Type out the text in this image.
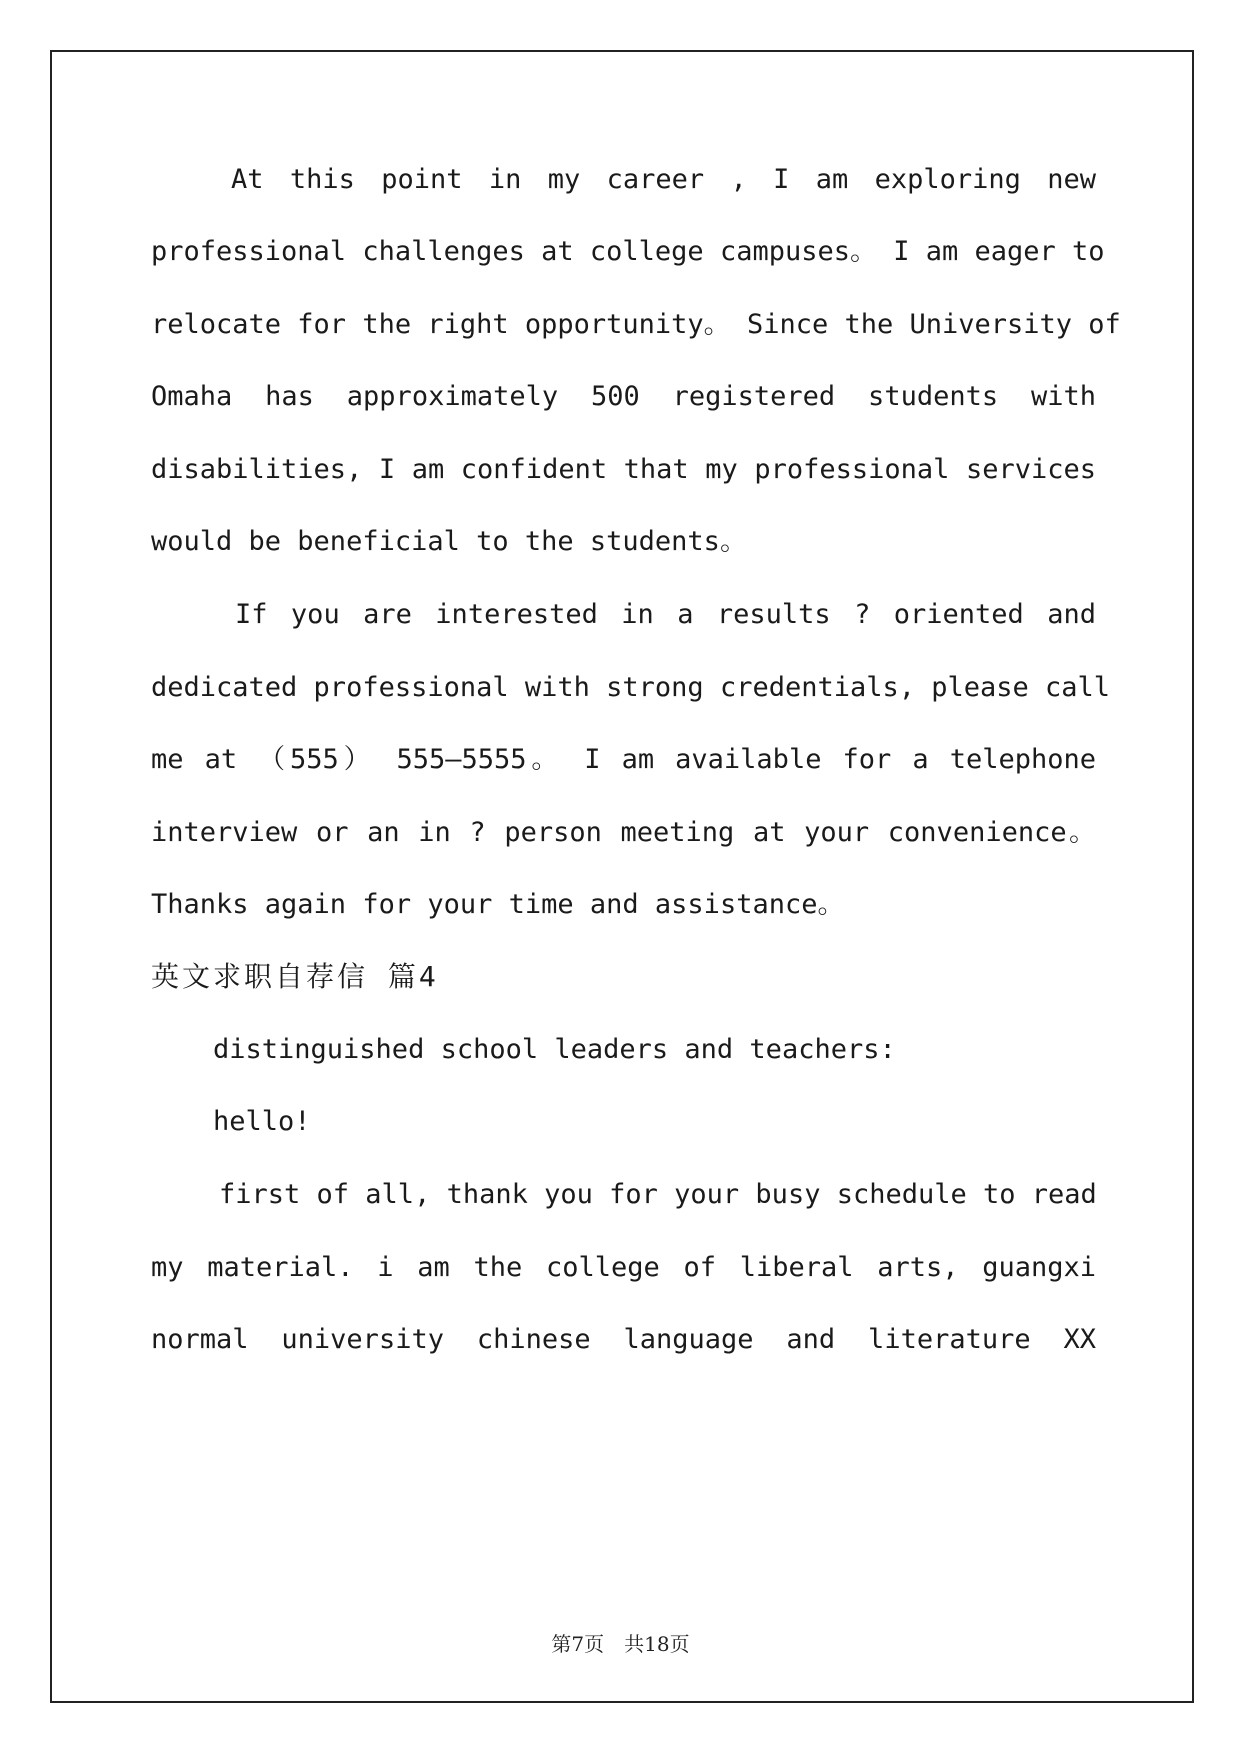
At this point in my career , I am exploring new
professional challenges at college campuses。 I am eager to
relocate for the right opportunity。 Since the University of
Omaha has approximately 500 registered students with
disabilities, I am confident that my professional services
would be beneficial to the students。
If you are interested in a results ? oriented and
dedicated professional with strong credentials, please call
me at （555） 555—5555。 I am available for a telephone
interview or an in ? person meeting at your convenience。
Thanks again for your time and assistance。
英文求职自荐信 篇4
distinguished school leaders and teachers:
hello!
first of all, thank you for your busy schedule to read
my material. i am the college of liberal arts, guangxi
normal university chinese language and literature XX
第7页　共18页
